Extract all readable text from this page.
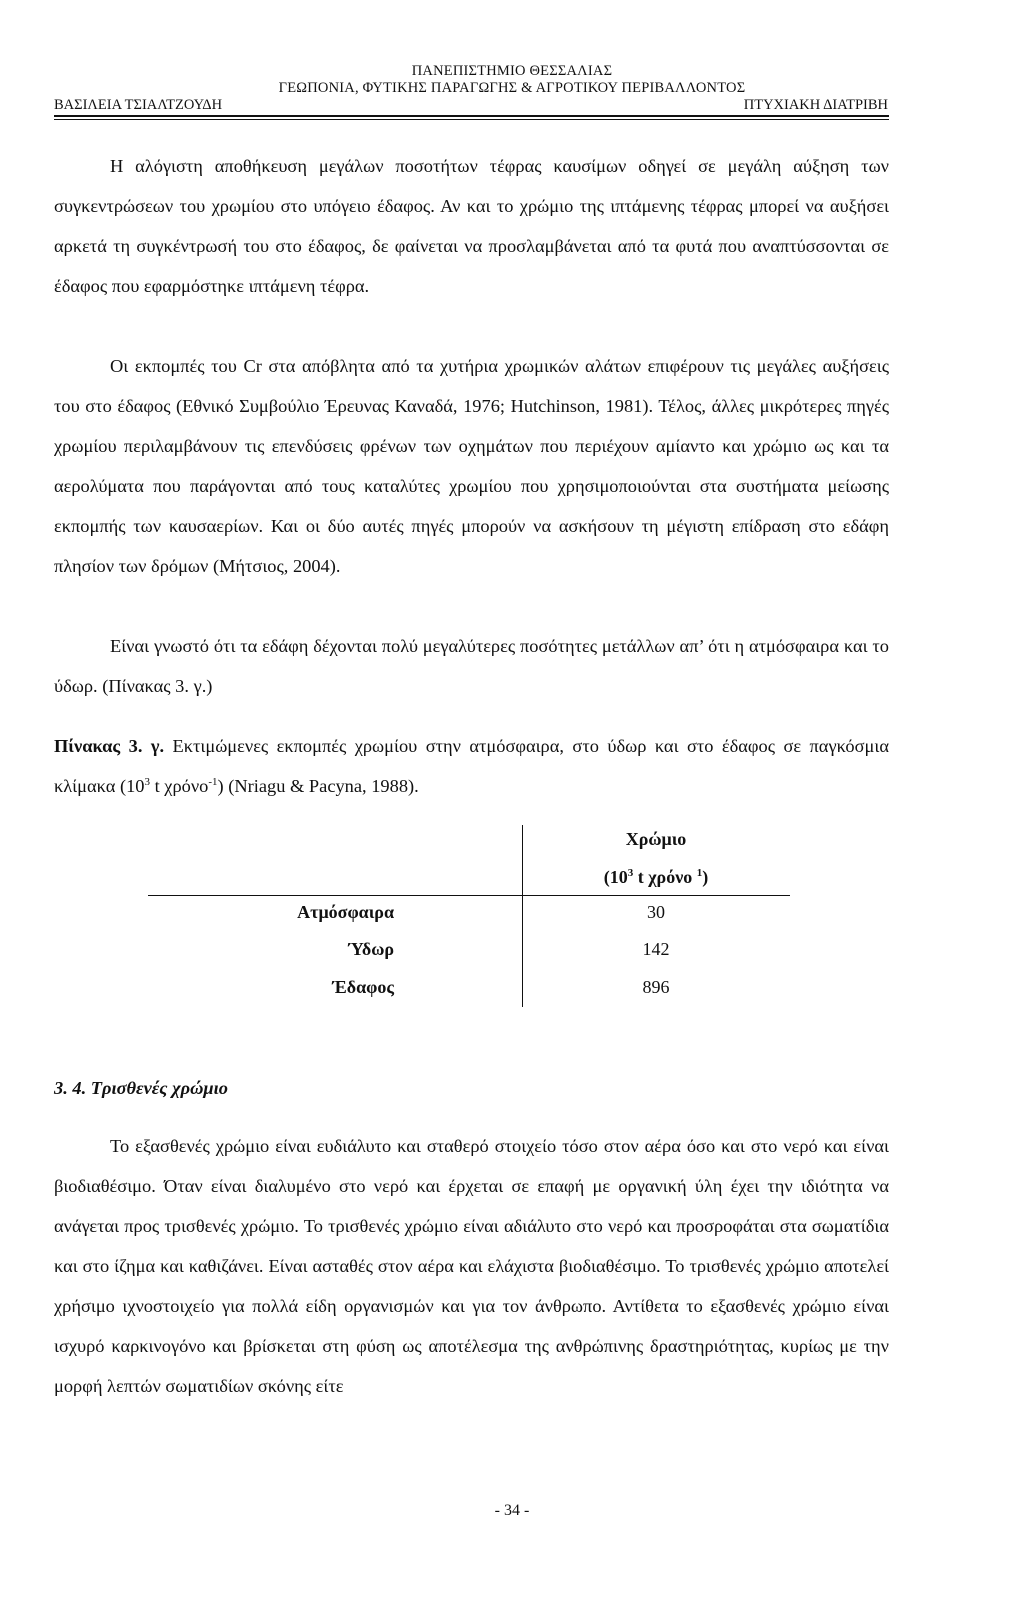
ΠΑΝΕΠΙΣΤΗΜΙΟ ΘΕΣΣΑΛΙΑΣ
ΓΕΩΠΟΝΙΑ, ΦΥΤΙΚΗΣ ΠΑΡΑΓΩΓΗΣ & ΑΓΡΟΤΙΚΟΥ ΠΕΡΙΒΑΛΛΟΝΤΟΣ
ΒΑΣΙΛΕΙΑ ΤΣΙΑΛΤΖΟΥΔΗ	ΠΤΥΧΙΑΚΗ ΔΙΑΤΡΙΒΗ

Η αλόγιστη αποθήκευση μεγάλων ποσοτήτων τέφρας καυσίμων οδηγεί σε μεγάλη αύξηση των συγκεντρώσεων του χρωμίου στο υπόγειο έδαφος. Αν και το χρώμιο της ιπτάμενης τέφρας μπορεί να αυξήσει αρκετά τη συγκέντρωσή του στο έδαφος, δε φαίνεται να προσλαμβάνεται από τα φυτά που αναπτύσσονται σε έδαφος που εφαρμόστηκε ιπτάμενη τέφρα.

Οι εκπομπές του Cr στα απόβλητα από τα χυτήρια χρωμικών αλάτων επιφέρουν τις μεγάλες αυξήσεις του στο έδαφος (Εθνικό Συμβούλιο Έρευνας Καναδά, 1976; Hutchinson, 1981). Τέλος, άλλες μικρότερες πηγές χρωμίου περιλαμβάνουν τις επενδύσεις φρένων των οχημάτων που περιέχουν αμίαντο και χρώμιο ως και τα αερολύματα που παράγονται από τους καταλύτες χρωμίου που χρησιμοποιούνται στα συστήματα μείωσης εκπομπής των καυσαερίων. Και οι δύο αυτές πηγές μπορούν να ασκήσουν τη μέγιστη επίδραση στο εδάφη πλησίον των δρόμων (Μήτσιος, 2004).

Είναι γνωστό ότι τα εδάφη δέχονται πολύ μεγαλύτερες ποσότητες μετάλλων απ’ ότι η ατμόσφαιρα και το ύδωρ. (Πίνακας 3. γ.)

Πίνακας 3. γ. Εκτιμώμενες εκπομπές χρωμίου στην ατμόσφαιρα, στο ύδωρ και στο έδαφος σε παγκόσμια κλίμακα ($10^3$ t χρόνο$^{-1}$) (Nriagu & Pacyna, 1988).

Χρώμιο
($10^3$ t χρόνο $^1$)
Ατμόσφαιρα	30
Ύδωρ	142
Έδαφος	896
3. 4. Τρισθενές χρώμιο

Το εξασθενές χρώμιο είναι ευδιάλυτο και σταθερό στοιχείο τόσο στον αέρα όσο και στο νερό και είναι βιοδιαθέσιμο. Όταν είναι διαλυμένο στο νερό και έρχεται σε επαφή με οργανική ύλη έχει την ιδιότητα να ανάγεται προς τρισθενές χρώμιο. Το τρισθενές χρώμιο είναι αδιάλυτο στο νερό και προσροφάται στα σωματίδια και στο ίζημα και καθιζάνει. Είναι ασταθές στον αέρα και ελάχιστα βιοδιαθέσιμο. Το τρισθενές χρώμιο αποτελεί χρήσιμο ιχνοστοιχείο για πολλά είδη οργανισμών και για τον άνθρωπο. Αντίθετα το εξασθενές χρώμιο είναι ισχυρό καρκινογόνο και βρίσκεται στη φύση ως αποτέλεσμα της ανθρώπινης δραστηριότητας, κυρίως με την μορφή λεπτών σωματιδίων σκόνης είτε

- 34 -
